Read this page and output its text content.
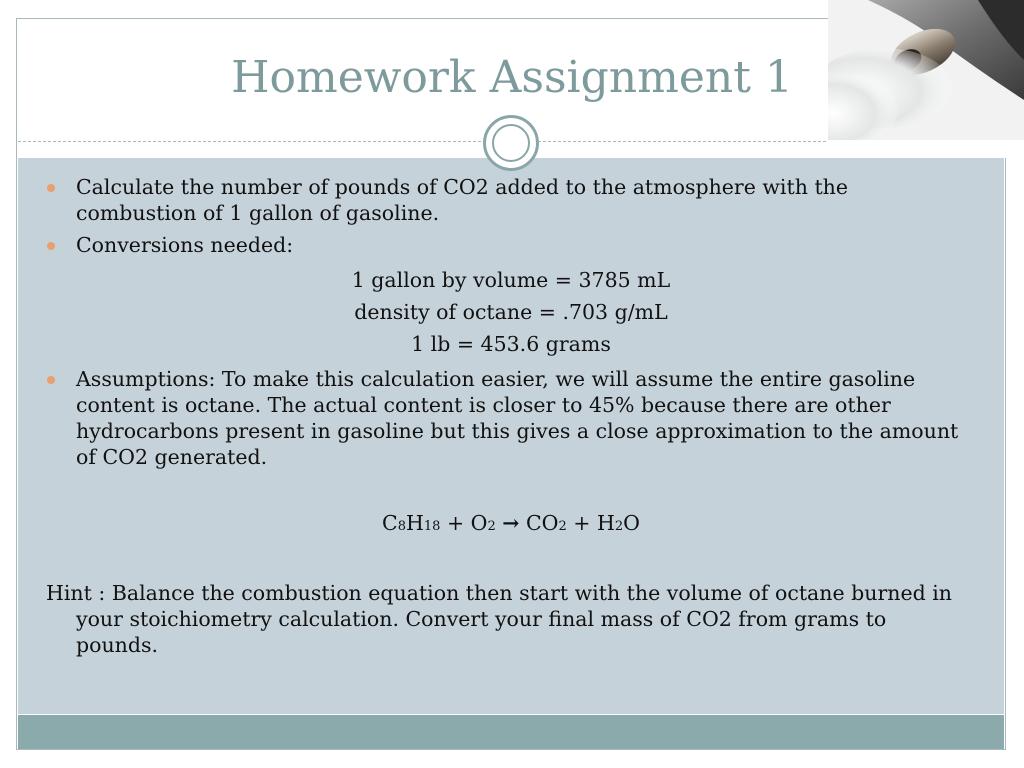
Homework Assignment 1

Calculate the number of pounds of CO2 added to the atmosphere with the combustion of 1 gallon of gasoline.

Conversions needed:

1 gallon by volume = 3785 mL

density of octane = .703 g/mL

1 lb = 453.6 grams

Assumptions: To make this calculation easier, we will assume the entire gasoline content is octane. The actual content is closer to 45% because there are other hydrocarbons present in gasoline but this gives a close approximation to the amount of CO2 generated.

C8H18 + O2 → CO2 + H2O

Hint : Balance the combustion equation then start with the volume of octane burned in your stoichiometry calculation. Convert your final mass of CO2 from grams to pounds.
